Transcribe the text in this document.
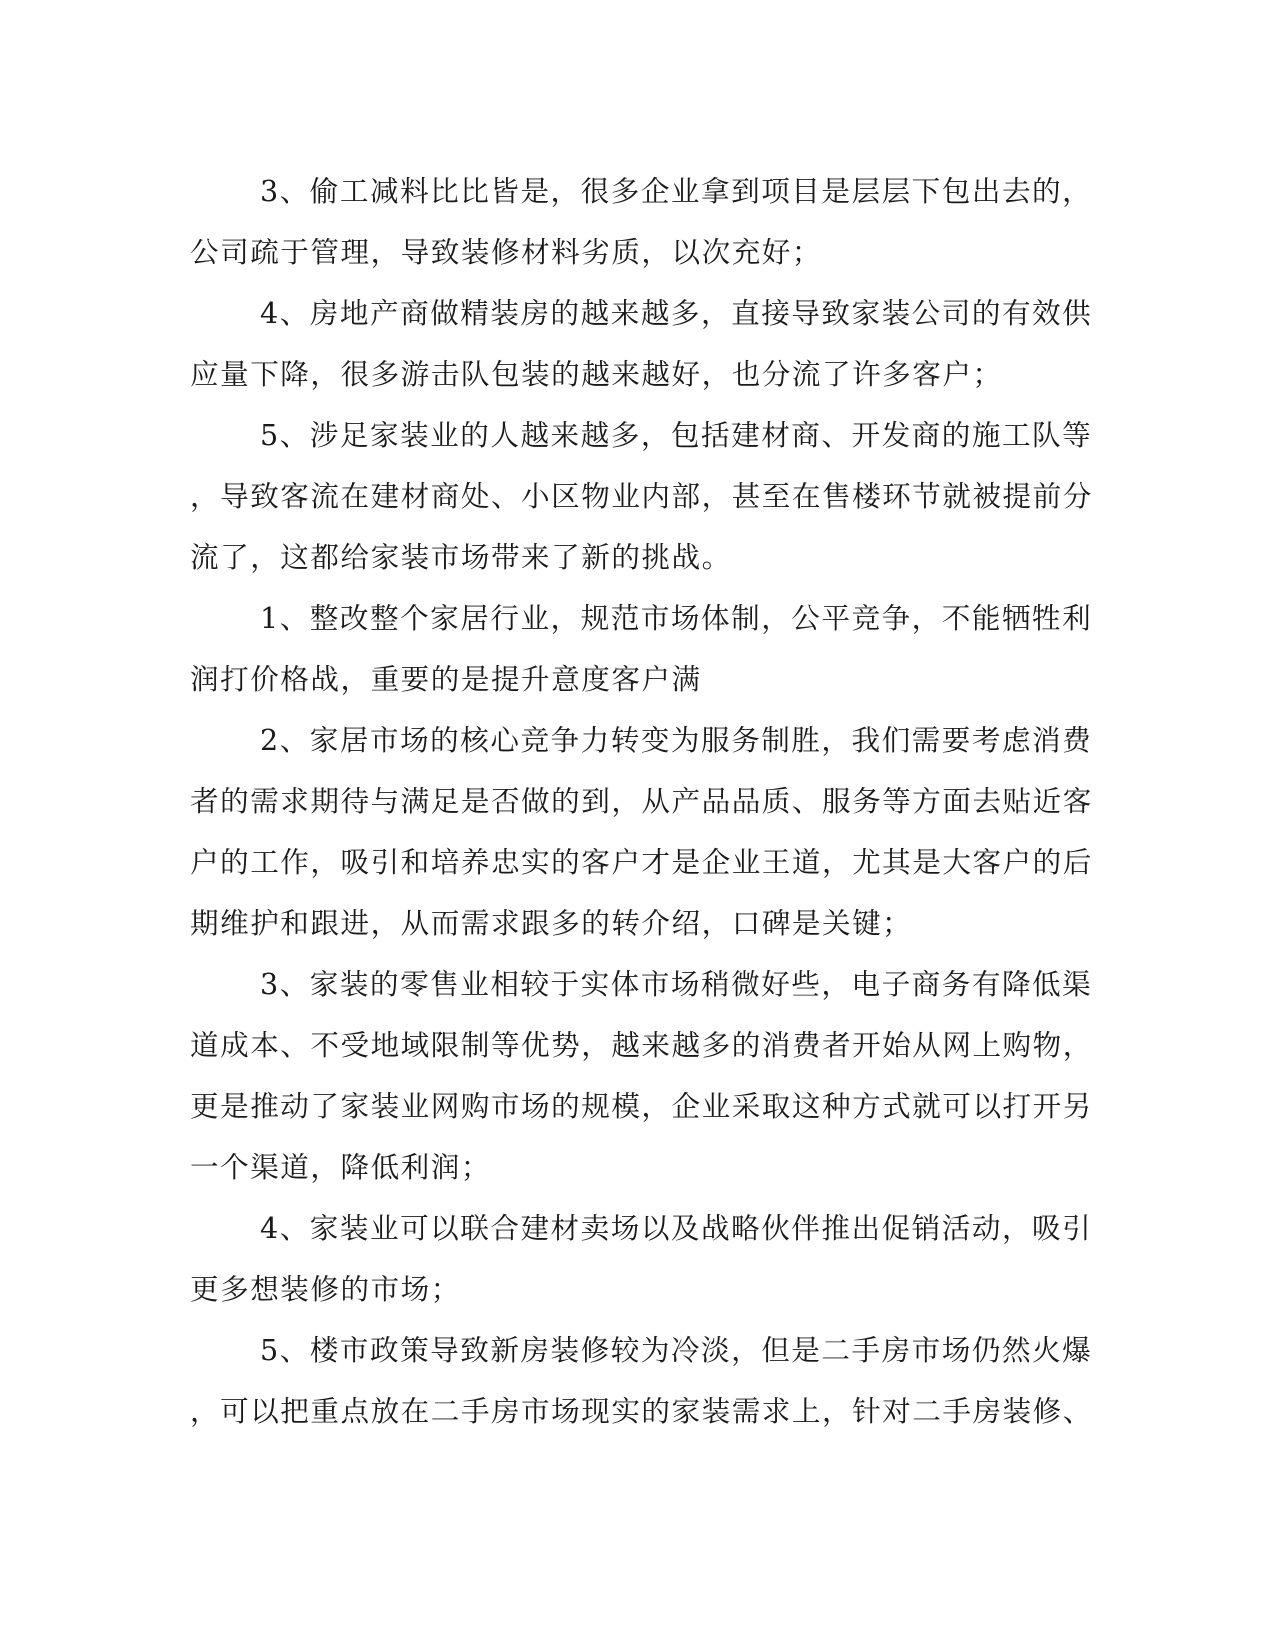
3、偷工减料比比皆是，很多企业拿到项目是层层下包出去的，
公司疏于管理，导致装修材料劣质，以次充好；
4、房地产商做精装房的越来越多，直接导致家装公司的有效供
应量下降，很多游击队包装的越来越好，也分流了许多客户；
5、涉足家装业的人越来越多，包括建材商、开发商的施工队等
，导致客流在建材商处、小区物业内部，甚至在售楼环节就被提前分
流了，这都给家装市场带来了新的挑战。
1、整改整个家居行业，规范市场体制，公平竞争，不能牺牲利
润打价格战，重要的是提升意度客户满
2、家居市场的核心竞争力转变为服务制胜，我们需要考虑消费
者的需求期待与满足是否做的到，从产品品质、服务等方面去贴近客
户的工作，吸引和培养忠实的客户才是企业王道，尤其是大客户的后
期维护和跟进，从而需求跟多的转介绍，口碑是关键；
3、家装的零售业相较于实体市场稍微好些，电子商务有降低渠
道成本、不受地域限制等优势，越来越多的消费者开始从网上购物，
更是推动了家装业网购市场的规模，企业采取这种方式就可以打开另
一个渠道，降低利润；
4、家装业可以联合建材卖场以及战略伙伴推出促销活动，吸引
更多想装修的市场；
5、楼市政策导致新房装修较为冷淡，但是二手房市场仍然火爆
，可以把重点放在二手房市场现实的家装需求上，针对二手房装修、
